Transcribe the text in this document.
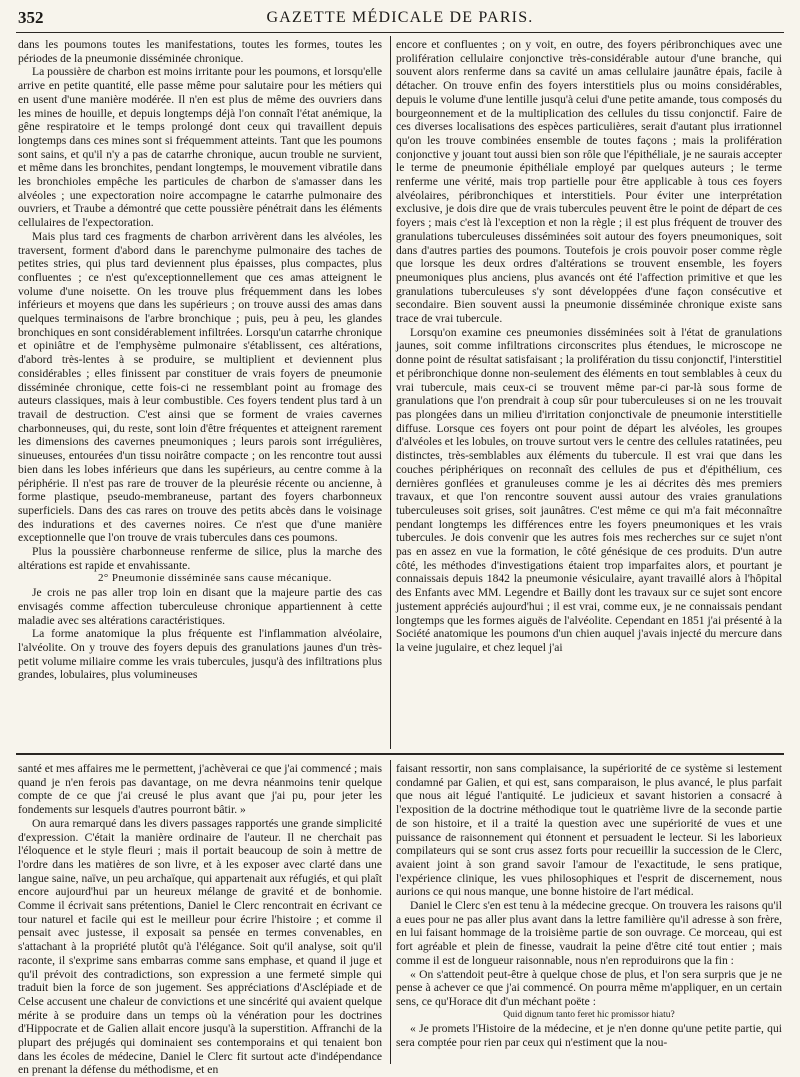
352	GAZETTE MÉDICALE DE PARIS.

dans les poumons toutes les manifestations, toutes les formes, toutes les périodes de la pneumonie disséminée chronique.

La poussière de charbon est moins irritante pour les poumons, et lorsqu'elle arrive en petite quantité, elle passe même pour salutaire pour les métiers qui en usent d'une manière modérée. Il n'en est plus de même des ouvriers dans les mines de houille, et depuis longtemps déjà l'on connaît l'état anémique, la gêne respiratoire et le temps prolongé dont ceux qui travaillent depuis longtemps dans ces mines sont si fréquemment atteints. Tant que les poumons sont sains, et qu'il n'y a pas de catarrhe chronique, aucun trouble ne survient, et même dans les bronchites, pendant longtemps, le mouvement vibratile dans les bronchioles empêche les particules de charbon de s'amasser dans les alvéoles ; une expectoration noire accompagne le catarrhe pulmonaire des ouvriers, et Traube a démontré que cette poussière pénétrait dans les éléments cellulaires de l'expectoration.

Mais plus tard ces fragments de charbon arrivèrent dans les alvéoles, les traversent, forment d'abord dans le parenchyme pulmonaire des taches de petites stries, qui plus tard deviennent plus épaisses, plus compactes, plus confluentes ; ce n'est qu'exceptionnellement que ces amas atteignent le volume d'une noisette. On les trouve plus fréquemment dans les lobes inférieurs et moyens que dans les supérieurs ; on trouve aussi des amas dans quelques terminaisons de l'arbre bronchique ; puis, peu à peu, les glandes bronchiques en sont considérablement infiltrées. Lorsqu'un catarrhe chronique et opiniâtre et de l'emphysème pulmonaire s'établissent, ces altérations, d'abord très-lentes à se produire, se multiplient et deviennent plus considérables ; elles finissent par constituer de vrais foyers de pneumonie disséminée chronique, cette fois-ci ne ressemblant point au fromage des auteurs classiques, mais à leur combustible. Ces foyers tendent plus tard à un travail de destruction. C'est ainsi que se forment de vraies cavernes charbonneuses, qui, du reste, sont loin d'être fréquentes et atteignent rarement les dimensions des cavernes pneumoniques ; leurs parois sont irrégulières, sinueuses, entourées d'un tissu noirâtre compacte ; on les rencontre tout aussi bien dans les lobes inférieurs que dans les supérieurs, au centre comme à la périphérie. Il n'est pas rare de trouver de la pleurésie récente ou ancienne, à forme plastique, pseudo-membraneuse, partant des foyers charbonneux superficiels. Dans des cas rares on trouve des petits abcès dans le voisinage des indurations et des cavernes noires. Ce n'est que d'une manière exceptionnelle que l'on trouve de vrais tubercules dans ces poumons.

Plus la poussière charbonneuse renferme de silice, plus la marche des altérations est rapide et envahissante.

2° Pneumonie disséminée sans cause mécanique.

Je crois ne pas aller trop loin en disant que la majeure partie des cas envisagés comme affection tuberculeuse chronique appartiennent à cette maladie avec ses altérations caractéristiques.

La forme anatomique la plus fréquente est l'inflammation alvéolaire, l'alvéolite. On y trouve des foyers depuis des granulations jaunes d'un très-petit volume miliaire comme les vrais tubercules, jusqu'à des infiltrations plus grandes, lobulaires, plus volumineuses

encore et confluentes ; on y voit, en outre, des foyers péribronchiques avec une prolifération cellulaire conjonctive très-considérable autour d'une branche, qui souvent alors renferme dans sa cavité un amas cellulaire jaunâtre épais, facile à détacher. On trouve enfin des foyers interstitiels plus ou moins considérables, depuis le volume d'une lentille jusqu'à celui d'une petite amande, tous composés du bourgeonnement et de la multiplication des cellules du tissu conjonctif. Faire de ces diverses localisations des espèces particulières, serait d'autant plus irrationnel qu'on les trouve combinées ensemble de toutes façons ; mais la prolifération conjonctive y jouant tout aussi bien son rôle que l'épithéliale, je ne saurais accepter le terme de pneumonie épithéliale employé par quelques auteurs ; le terme renferme une vérité, mais trop partielle pour être applicable à tous ces foyers alvéolaires, péribronchiques et interstitiels. Pour éviter une interprétation exclusive, je dois dire que de vrais tubercules peuvent être le point de départ de ces foyers ; mais c'est là l'exception et non la règle ; il est plus fréquent de trouver des granulations tuberculeuses disséminées soit autour des foyers pneumoniques, soit dans d'autres parties des poumons. Toutefois je crois pouvoir poser comme règle que lorsque les deux ordres d'altérations se trouvent ensemble, les foyers pneumoniques plus anciens, plus avancés ont été l'affection primitive et que les granulations tuberculeuses s'y sont développées d'une façon consécutive et secondaire. Bien souvent aussi la pneumonie disséminée chronique existe sans trace de vrai tubercule.

Lorsqu'on examine ces pneumonies disséminées soit à l'état de granulations jaunes, soit comme infiltrations circonscrites plus étendues, le microscope ne donne point de résultat satisfaisant ; la prolifération du tissu conjonctif, l'interstitiel et péribronchique donne non-seulement des éléments en tout semblables à ceux du vrai tubercule, mais ceux-ci se trouvent même par-ci par-là sous forme de granulations que l'on prendrait à coup sûr pour tuberculeuses si on ne les trouvait pas plongées dans un milieu d'irritation conjonctivale de pneumonie interstitielle diffuse. Lorsque ces foyers ont pour point de départ les alvéoles, les groupes d'alvéoles et les lobules, on trouve surtout vers le centre des cellules ratatinées, peu distinctes, très-semblables aux éléments du tubercule. Il est vrai que dans les couches périphériques on reconnaît des cellules de pus et d'épithélium, ces dernières gonflées et granuleuses comme je les ai décrites dès mes premiers travaux, et que l'on rencontre souvent aussi autour des vraies granulations tuberculeuses soit grises, soit jaunâtres. C'est même ce qui m'a fait méconnaître pendant longtemps les différences entre les foyers pneumoniques et les vrais tubercules. Je dois convenir que les autres fois mes recherches sur ce sujet n'ont pas en assez en vue la formation, le côté génésique de ces produits. D'un autre côté, les méthodes d'investigations étaient trop imparfaites alors, et pourtant je connaissais depuis 1842 la pneumonie vésiculaire, ayant travaillé alors à l'hôpital des Enfants avec MM. Legendre et Bailly dont les travaux sur ce sujet sont encore justement appréciés aujourd'hui ; il est vrai, comme eux, je ne connaissais pendant longtemps que les formes aiguës de l'alvéolite. Cependant en 1851 j'ai présenté à la Société anatomique les poumons d'un chien auquel j'avais injecté du mercure dans la veine jugulaire, et chez lequel j'ai

santé et mes affaires me le permettent, j'achèverai ce que j'ai commencé ; mais quand je n'en ferois pas davantage, on me devra néanmoins tenir quelque compte de ce que j'ai creusé le plus avant que j'ai pu, pour jeter les fondements sur lesquels d'autres pourront bâtir. »

On aura remarqué dans les divers passages rapportés une grande simplicité d'expression. C'était la manière ordinaire de l'auteur. Il ne cherchait pas l'éloquence et le style fleuri ; mais il portait beaucoup de soin à mettre de l'ordre dans les matières de son livre, et à les exposer avec clarté dans une langue saine, naïve, un peu archaïque, qui appartenait aux réfugiés, et qui plaît encore aujourd'hui par un heureux mélange de gravité et de bonhomie. Comme il écrivait sans prétentions, Daniel le Clerc rencontrait en écrivant ce tour naturel et facile qui est le meilleur pour écrire l'histoire ; et comme il pensait avec justesse, il exposait sa pensée en termes convenables, en s'attachant à la propriété plutôt qu'à l'élégance. Soit qu'il analyse, soit qu'il raconte, il s'exprime sans embarras comme sans emphase, et quand il juge et qu'il prévoit des contradictions, son expression a une fermeté simple qui traduit bien la force de son jugement. Ses appréciations d'Asclépiade et de Celse accusent une chaleur de convictions et une sincérité qui avaient quelque mérite à se produire dans un temps où la vénération pour les doctrines d'Hippocrate et de Galien allait encore jusqu'à la superstition. Affranchi de la plupart des préjugés qui dominaient ses contemporains et qui tenaient bon dans les écoles de médecine, Daniel le Clerc fit surtout acte d'indépendance en prenant la défense du méthodisme, et en

faisant ressortir, non sans complaisance, la supériorité de ce système si lestement condamné par Galien, et qui est, sans comparaison, le plus avancé, le plus parfait que nous ait légué l'antiquité. Le judicieux et savant historien a consacré à l'exposition de la doctrine méthodique tout le quatrième livre de la seconde partie de son histoire, et il a traité la question avec une supériorité de vues et une puissance de raisonnement qui étonnent et persuadent le lecteur. Si les laborieux compilateurs qui se sont crus assez forts pour recueillir la succession de le Clerc, avaient joint à son grand savoir l'amour de l'exactitude, le sens pratique, l'expérience clinique, les vues philosophiques et l'esprit de discernement, nous aurions ce qui nous manque, une bonne histoire de l'art médical.

Daniel le Clerc s'en est tenu à la médecine grecque. On trouvera les raisons qu'il a eues pour ne pas aller plus avant dans la lettre familière qu'il adresse à son frère, en lui faisant hommage de la troisième partie de son ouvrage. Ce morceau, qui est fort agréable et plein de finesse, vaudrait la peine d'être cité tout entier ; mais comme il est de longueur raisonnable, nous n'en reproduirons que la fin :

« On s'attendoit peut-être à quelque chose de plus, et l'on sera surpris que je ne pense à achever ce que j'ai commencé. On pourra même m'appliquer, en un certain sens, ce qu'Horace dit d'un méchant poëte :

Quid dignum tanto feret hic promissor hiatu?

« Je promets l'Histoire de la médecine, et je n'en donne qu'une petite partie, qui sera comptée pour rien par ceux qui n'estiment que la nou-
